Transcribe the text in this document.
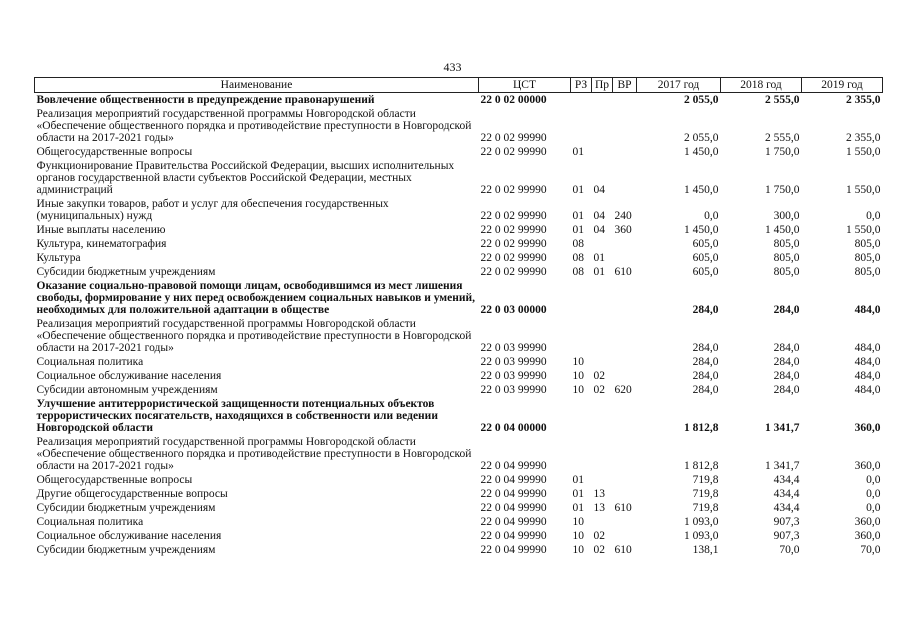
433
Наименование	ЦСТ	РЗ	Пр	ВР	2017 год	2018 год	2019 год
Вовлечение общественности в предупреждение правонарушений	22 0 02 00000				2 055,0	2 555,0	2 355,0
Реализация мероприятий государственной программы Новгородской области «Обеспечение общественного порядка и противодействие преступности в Новгородской области на 2017-2021 годы»	22 0 02 99990				2 055,0	2 555,0	2 355,0
Общегосударственные вопросы	22 0 02 99990	01			1 450,0	1 750,0	1 550,0
Функционирование Правительства Российской Федерации, высших исполнительных органов государственной власти субъектов Российской Федерации, местных администраций	22 0 02 99990	01	04		1 450,0	1 750,0	1 550,0
Иные закупки товаров, работ и услуг для обеспечения государственных (муниципальных) нужд	22 0 02 99990	01	04	240	0,0	300,0	0,0
Иные выплаты населению	22 0 02 99990	01	04	360	1 450,0	1 450,0	1 550,0
Культура, кинематография	22 0 02 99990	08			605,0	805,0	805,0
Культура	22 0 02 99990	08	01		605,0	805,0	805,0
Субсидии бюджетным учреждениям	22 0 02 99990	08	01	610	605,0	805,0	805,0
Оказание социально-правовой помощи лицам, освободившимся из мест лишения свободы, формирование у них перед освобождением социальных навыков и умений, необходимых для положительной адаптации в обществе	22 0 03 00000				284,0	284,0	484,0
Реализация мероприятий государственной программы Новгородской области «Обеспечение общественного порядка и противодействие преступности в Новгородской области на 2017-2021 годы»	22 0 03 99990				284,0	284,0	484,0
Социальная политика	22 0 03 99990	10			284,0	284,0	484,0
Социальное обслуживание населения	22 0 03 99990	10	02		284,0	284,0	484,0
Субсидии автономным учреждениям	22 0 03 99990	10	02	620	284,0	284,0	484,0
Улучшение антитеррористической защищенности потенциальных объектов террористических посягательств, находящихся в собственности или ведении Новгородской области	22 0 04 00000				1 812,8	1 341,7	360,0
Реализация мероприятий государственной программы Новгородской области «Обеспечение общественного порядка и противодействие преступности в Новгородской области на 2017-2021 годы»	22 0 04 99990				1 812,8	1 341,7	360,0
Общегосударственные вопросы	22 0 04 99990	01			719,8	434,4	0,0
Другие общегосударственные вопросы	22 0 04 99990	01	13		719,8	434,4	0,0
Субсидии бюджетным учреждениям	22 0 04 99990	01	13	610	719,8	434,4	0,0
Социальная политика	22 0 04 99990	10			1 093,0	907,3	360,0
Социальное обслуживание населения	22 0 04 99990	10	02		1 093,0	907,3	360,0
Субсидии бюджетным учреждениям	22 0 04 99990	10	02	610	138,1	70,0	70,0
